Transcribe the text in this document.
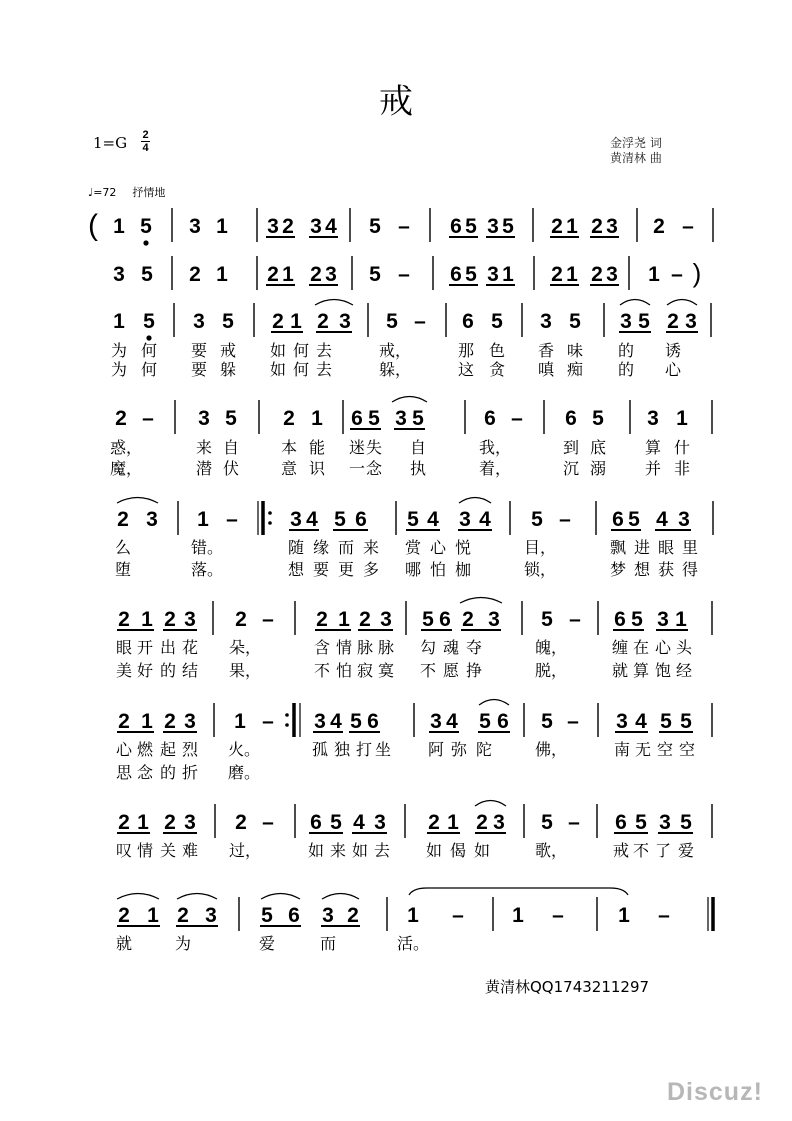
戒
1=G 2
4	金浮尧 词
黄清林 曲
♩=72 抒情地
1 5 3 1 3 2 3 4 5 – 6 5 3 5 2 1 2 3 2 –
(
3 5 2 1 2 1 2 3 5 – 6 5 3 1 2 1 2 3 1 – )
1 5 3 5 2 1 2 3 5 – 6 5 3 5 3 5 2 3
2 – 3 5 2 1 6 5 3 5	6 – 6 5 3 1
2 3 1 – 3 4 5 6 5 4 3 4 5 – 6 5 4 3
2 1 2 3 2 – 2 1 2 3 5 6 2 3 5 – 6 5 3 1
2 1 2 3 1 – 3 4 5 6 3 4 5 6 5 – 3 4 5 5
2 1 2 3 2 – 6 5 4 3 2 1 2 3 5 – 6 5 3 5
2 1 2 3 5 6 3 2 1 – 1 –	1 –
为 何 要 戒 如 何 去	戒，	那 色 香 味 的 诱
为 何 要 躲 如 何 去	躲，	这 贪 嗔 痴 的 心
惑，	来 自	本 能 迷 失 自	我，	到 底 算 什
魔，	潜 伏	意 识 一 念 执	着，	沉 溺 并 非
么	错。	随 缘 而 来 赏 心 悦	目，	飘 进 眼 里
堕	落。	想 要 更 多 哪 怕 枷	锁，	梦 想 获 得
眼 开 出 花 朵，	含 情 脉 脉 勾 魂 夺	魄，	缠 在 心 头
美 好 的 结 果，	不 怕 寂 寞 不 愿 挣	脱，	就 算 饱 经
心 燃 起 烈 火。	孤 独 打 坐 阿 弥 陀	佛，	南 无 空 空
思 念 的 折 磨。
叹 情 关 难 过，	如 来 如 去 如 偈 如	歌，	戒 不 了 爱
就	为	爱	而	活。
黄清林QQ1743211297
Discuz!
